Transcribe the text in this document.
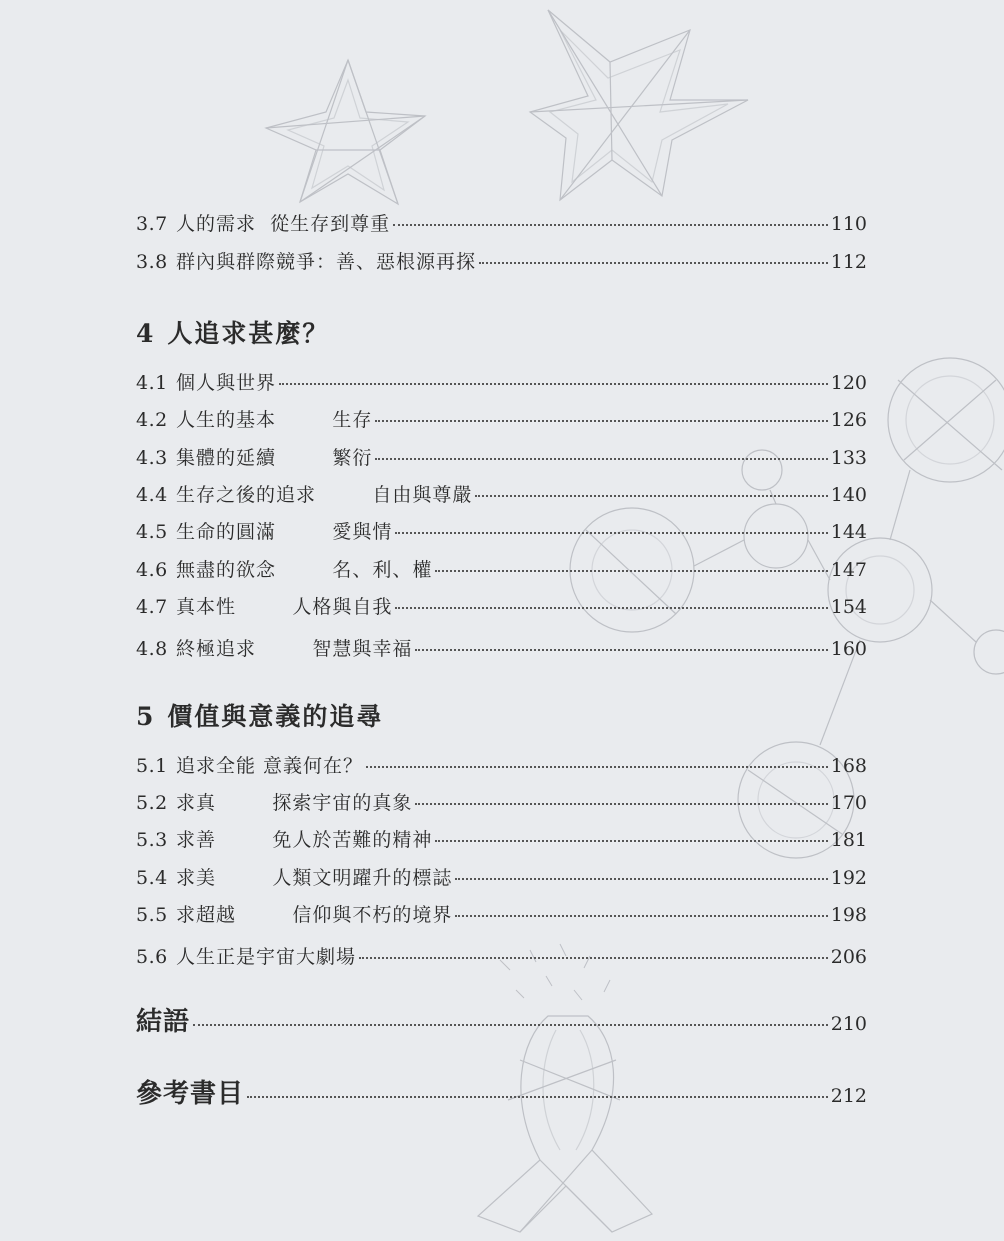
3.7 人的需求  從生存到尊重	110
3.8 群內與群際競爭：善、惡根源再探	112
4 人追求甚麼？
4.1 個人與世界	120
4.2 人生的基本        生存	126
4.3 集體的延續        繁衍	133
4.4 生存之後的追求        自由與尊嚴	140
4.5 生命的圓滿        愛與情	144
4.6 無盡的欲念        名、利、權	147
4.7 真本性        人格與自我	154
4.8 終極追求        智慧與幸福	160
5 價值與意義的追尋
5.1 追求全能 意義何在？	168
5.2 求真        探索宇宙的真象	170
5.3 求善        免人於苦難的精神	181
5.4 求美        人類文明躍升的標誌	192
5.5 求超越        信仰與不朽的境界	198
5.6 人生正是宇宙大劇場	206
結語	210
參考書目	212
